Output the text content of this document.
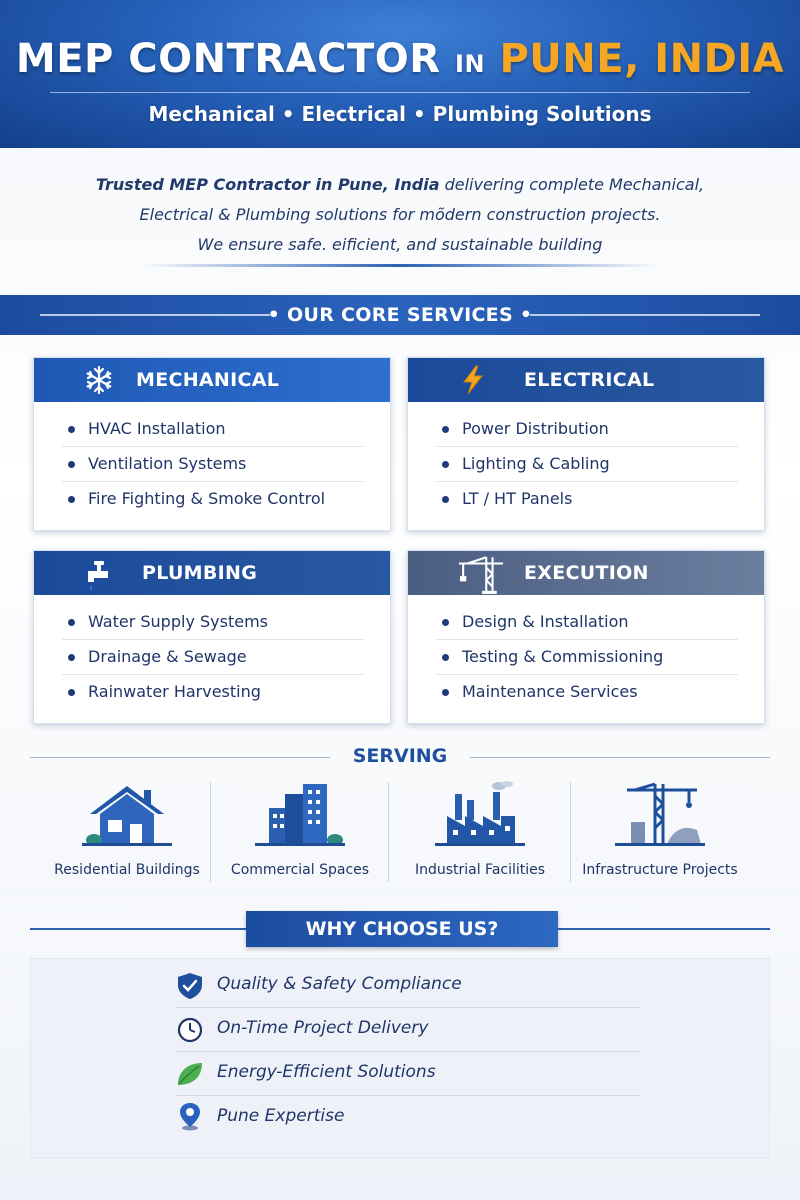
MEP CONTRACTOR IN PUNE, INDIA
Mechanical • Electrical • Plumbing Solutions
Trusted MEP Contractor in Pune, India delivering complete Mechanical,
Electrical & Plumbing solutions for mõdern construction projects.
We ensure safe. eificient, and sustainable building
• OUR CORE SERVICES •
MECHANICAL
HVAC Installation
Ventilation Systems
Fire Fighting & Smoke Control
ELECTRICAL
Power Distribution
Lighting & Cabling
LT / HT Panels
PLUMBING
Water Supply Systems
Drainage & Sewage
Rainwater Harvesting
EXECUTION
Design & Installation
Testing & Commissioning
Maintenance Services
SERVING
Residential Buildings	Commercial Spaces	Industrial Facilities	Infrastructure Projects
WHY CHOOSE US?
Quality & Safety Compliance
On-Time Project Delivery
Energy-Efficient Solutions
Pune Expertise
